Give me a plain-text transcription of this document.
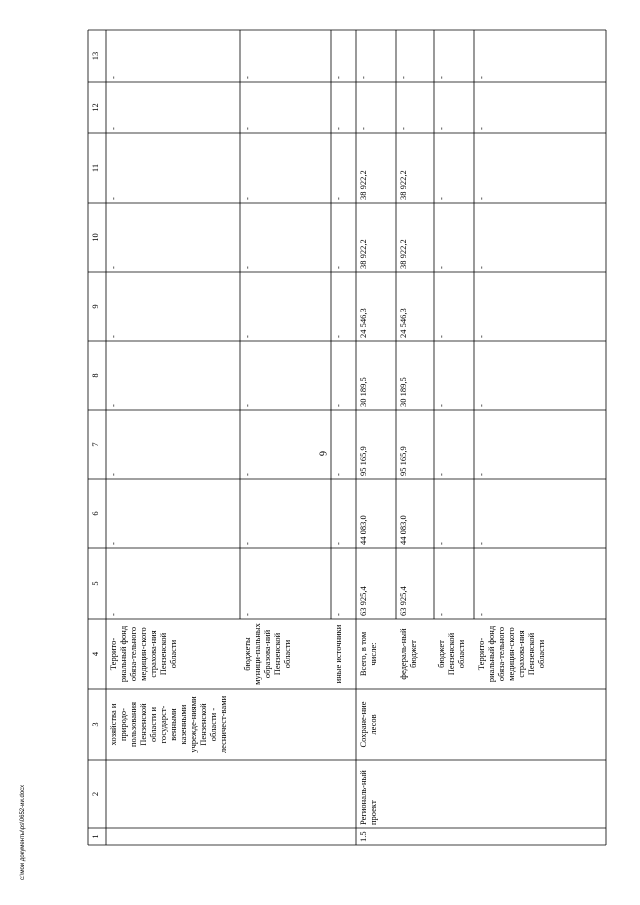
6
c:\мои документы\ps\0652-ии.docx	1
2
3
4
5
6
7
8
9
10
11
12
13
хозяйства и природо-пользования Пензенской области и государст-венными казенными учрежде-ниями Пензенской области - лесничест-вами
Террито-риальный фонд обяза-тельного медицин-ского страхова-ния Пензенской области
-
-
-
-
-
-
-
-
-
бюджеты муници-пальных образова-ний Пензенской области
-
-
-
-
-
-
-
-
-
иные источники
-
-
-
-
-
-
-
-
-
1.5
Региональ-ный проект
Сохране-ние лесов
Всего, в том числе:
63 925,4
44 083,0
95 165,9
30 189,5
24 546,3
38 922,2
38 922,2
-
-
федераль-ный бюджет
63 925,4
44 083,0
95 165,9
30 189,5
24 546,3
38 922,2
38 922,2
-
-
бюджет Пензенской области
-
-
-
-
-
-
-
-
-
Террито-риальный фонд обяза-тельного медицин-ского страхова-ния Пензенской области
-
-
-
-
-
-
-
-
-
